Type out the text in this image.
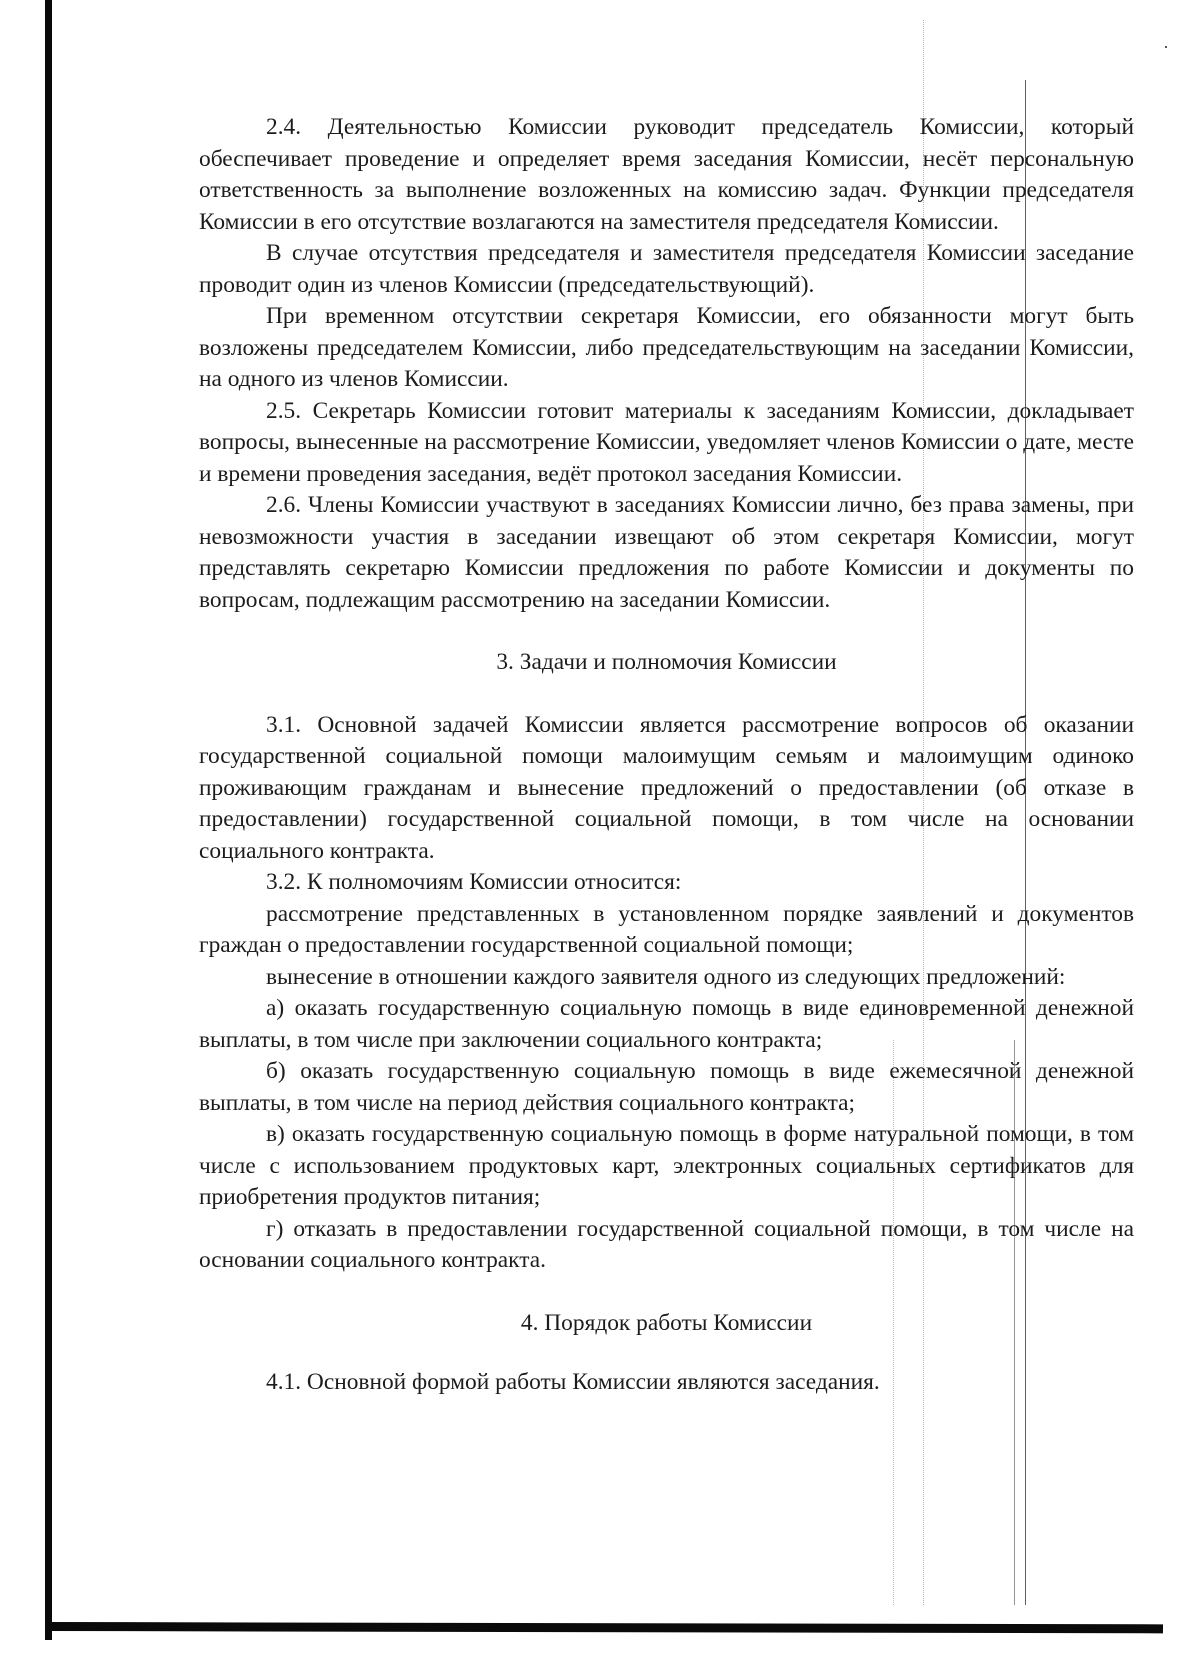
2.4. Деятельностью Комиссии руководит председатель Комиссии, который обеспечивает проведение и определяет время заседания Комиссии, несёт персональную ответственность за выполнение возложенных на комиссию задач. Функции председателя Комиссии в его отсутствие возлагаются на заместителя председателя Комиссии.

В случае отсутствия председателя и заместителя председателя Комиссии заседание проводит один из членов Комиссии (председательствующий).

При временном отсутствии секретаря Комиссии, его обязанности могут быть возложены председателем Комиссии, либо председательствующим на заседании Комиссии, на одного из членов Комиссии.

2.5. Секретарь Комиссии готовит материалы к заседаниям Комиссии, докладывает вопросы, вынесенные на рассмотрение Комиссии, уведомляет членов Комиссии о дате, месте и времени проведения заседания, ведёт протокол заседания Комиссии.

2.6. Члены Комиссии участвуют в заседаниях Комиссии лично, без права замены, при невозможности участия в заседании извещают об этом секретаря Комиссии, могут представлять секретарю Комиссии предложения по работе Комиссии и документы по вопросам, подлежащим рассмотрению на заседании Комиссии.

3. Задачи и полномочия Комиссии

3.1. Основной задачей Комиссии является рассмотрение вопросов об оказании государственной социальной помощи малоимущим семьям и малоимущим одиноко проживающим гражданам и вынесение предложений о предоставлении (об отказе в предоставлении) государственной социальной помощи, в том числе на основании социального контракта.

3.2. К полномочиям Комиссии относится:

рассмотрение представленных в установленном порядке заявлений и документов граждан о предоставлении государственной социальной помощи;

вынесение в отношении каждого заявителя одного из следующих предложений:

а) оказать государственную социальную помощь в виде единовременной денежной выплаты, в том числе при заключении социального контракта;

б) оказать государственную социальную помощь в виде ежемесячной денежной выплаты, в том числе на период действия социального контракта;

в) оказать государственную социальную помощь в форме натуральной помощи, в том числе с использованием продуктовых карт, электронных социальных сертификатов для приобретения продуктов питания;

г) отказать в предоставлении государственной социальной помощи, в том числе на основании социального контракта.

4. Порядок работы Комиссии

4.1. Основной формой работы Комиссии являются заседания.
